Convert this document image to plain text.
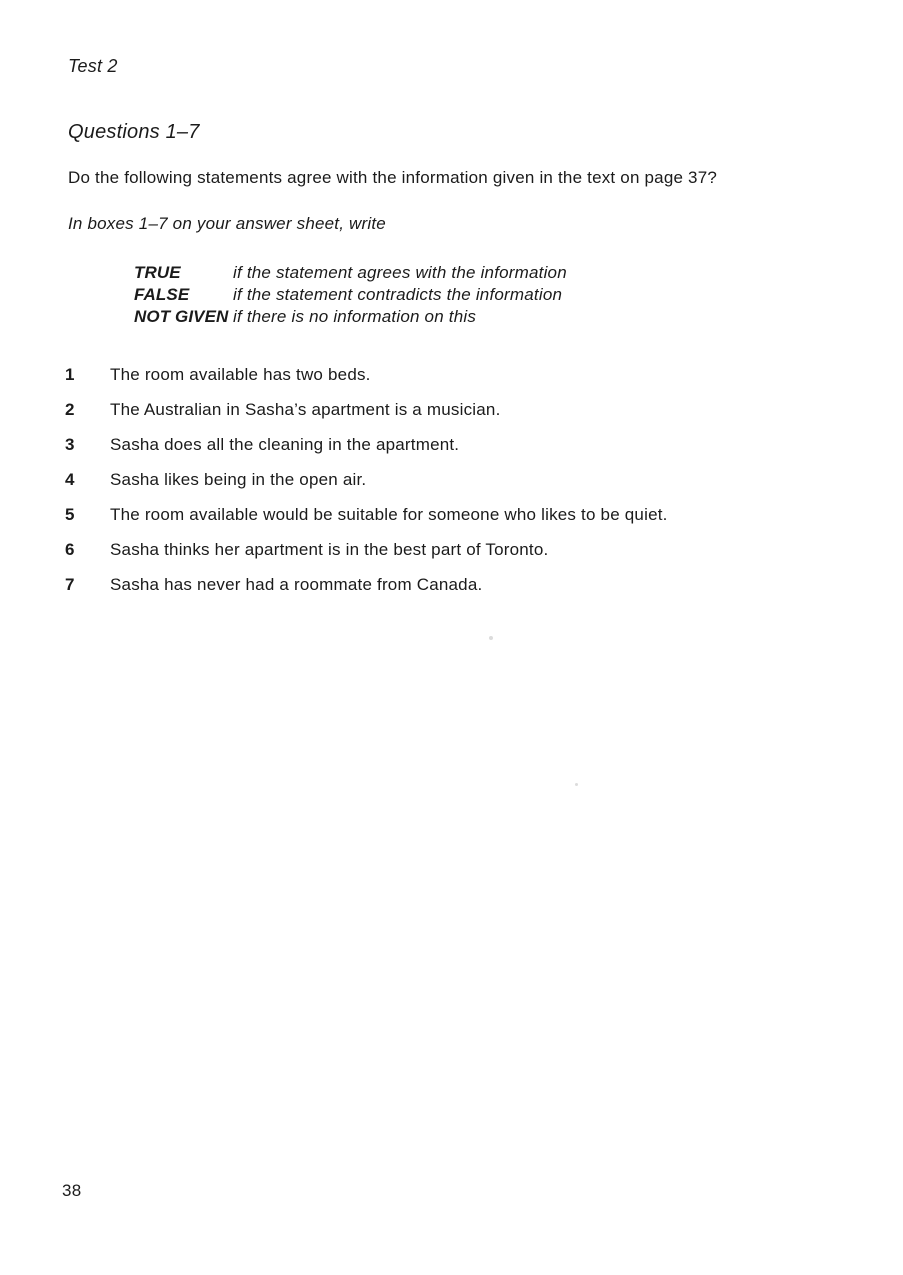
Test 2
Questions 1–7

Do the following statements agree with the information given in the text on page 37?

In boxes 1–7 on your answer sheet, write

TRUE	if the statement agrees with the information
FALSE	if the statement contradicts the information
NOT GIVEN if there is no information on this
1	The room available has two beds.
2	The Australian in Sasha’s apartment is a musician.
3	Sasha does all the cleaning in the apartment.
4	Sasha likes being in the open air.
5	The room available would be suitable for someone who likes to be quiet.
6	Sasha thinks her apartment is in the best part of Toronto.
7	Sasha has never had a roommate from Canada.
38
